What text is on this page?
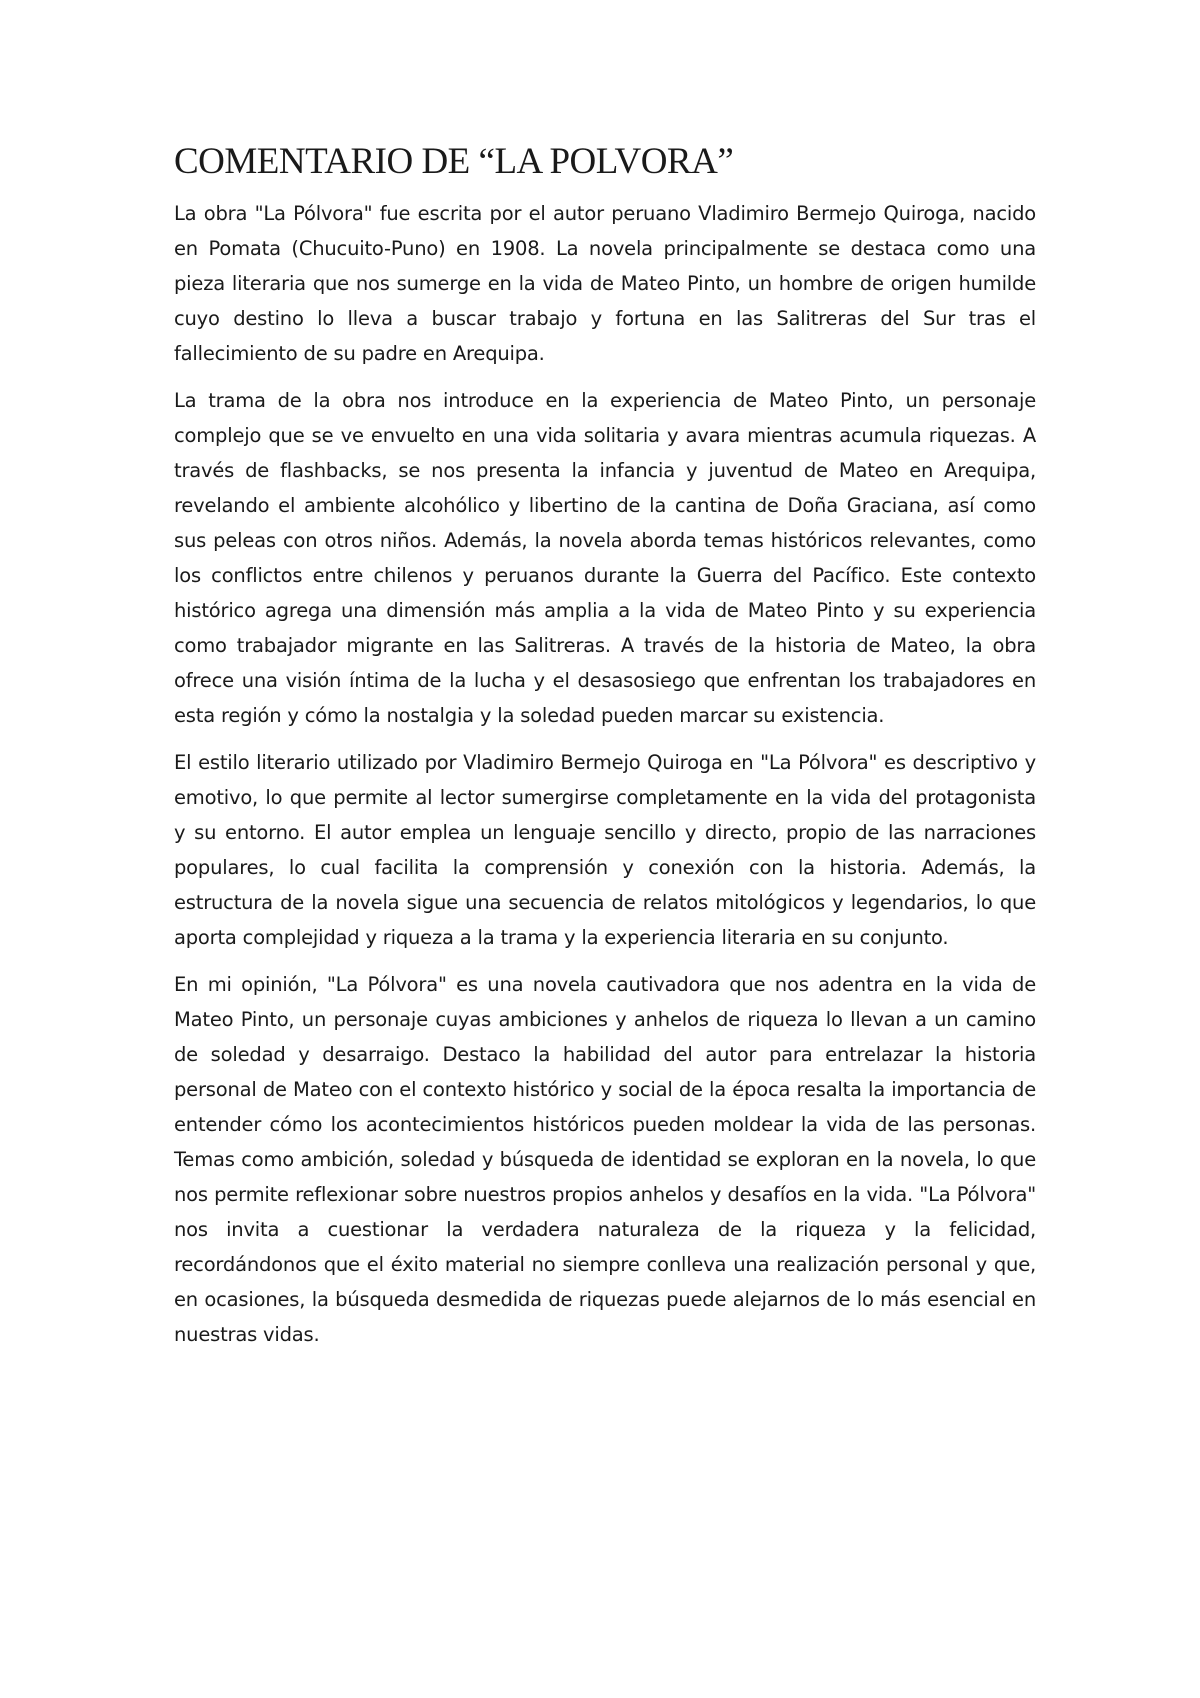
COMENTARIO DE “LA POLVORA”

La obra "La Pólvora" fue escrita por el autor peruano Vladimiro Bermejo Quiroga, nacido en Pomata (Chucuito-Puno) en 1908. La novela principalmente se destaca como una pieza literaria que nos sumerge en la vida de Mateo Pinto, un hombre de origen humilde cuyo destino lo lleva a buscar trabajo y fortuna en las Salitreras del Sur tras el fallecimiento de su padre en Arequipa.

La trama de la obra nos introduce en la experiencia de Mateo Pinto, un personaje complejo que se ve envuelto en una vida solitaria y avara mientras acumula riquezas. A través de flashbacks, se nos presenta la infancia y juventud de Mateo en Arequipa, revelando el ambiente alcohólico y libertino de la cantina de Doña Graciana, así como sus peleas con otros niños. Además, la novela aborda temas históricos relevantes, como los conflictos entre chilenos y peruanos durante la Guerra del Pacífico. Este contexto histórico agrega una dimensión más amplia a la vida de Mateo Pinto y su experiencia como trabajador migrante en las Salitreras. A través de la historia de Mateo, la obra ofrece una visión íntima de la lucha y el desasosiego que enfrentan los trabajadores en esta región y cómo la nostalgia y la soledad pueden marcar su existencia.

El estilo literario utilizado por Vladimiro Bermejo Quiroga en "La Pólvora" es descriptivo y emotivo, lo que permite al lector sumergirse completamente en la vida del protagonista y su entorno. El autor emplea un lenguaje sencillo y directo, propio de las narraciones populares, lo cual facilita la comprensión y conexión con la historia. Además, la estructura de la novela sigue una secuencia de relatos mitológicos y legendarios, lo que aporta complejidad y riqueza a la trama y la experiencia literaria en su conjunto.

En mi opinión, "La Pólvora" es una novela cautivadora que nos adentra en la vida de Mateo Pinto, un personaje cuyas ambiciones y anhelos de riqueza lo llevan a un camino de soledad y desarraigo. Destaco la habilidad del autor para entrelazar la historia personal de Mateo con el contexto histórico y social de la época resalta la importancia de entender cómo los acontecimientos históricos pueden moldear la vida de las personas. Temas como ambición, soledad y búsqueda de identidad se exploran en la novela, lo que nos permite reflexionar sobre nuestros propios anhelos y desafíos en la vida. "La Pólvora" nos invita a cuestionar la verdadera naturaleza de la riqueza y la felicidad, recordándonos que el éxito material no siempre conlleva una realización personal y que, en ocasiones, la búsqueda desmedida de riquezas puede alejarnos de lo más esencial en nuestras vidas.
